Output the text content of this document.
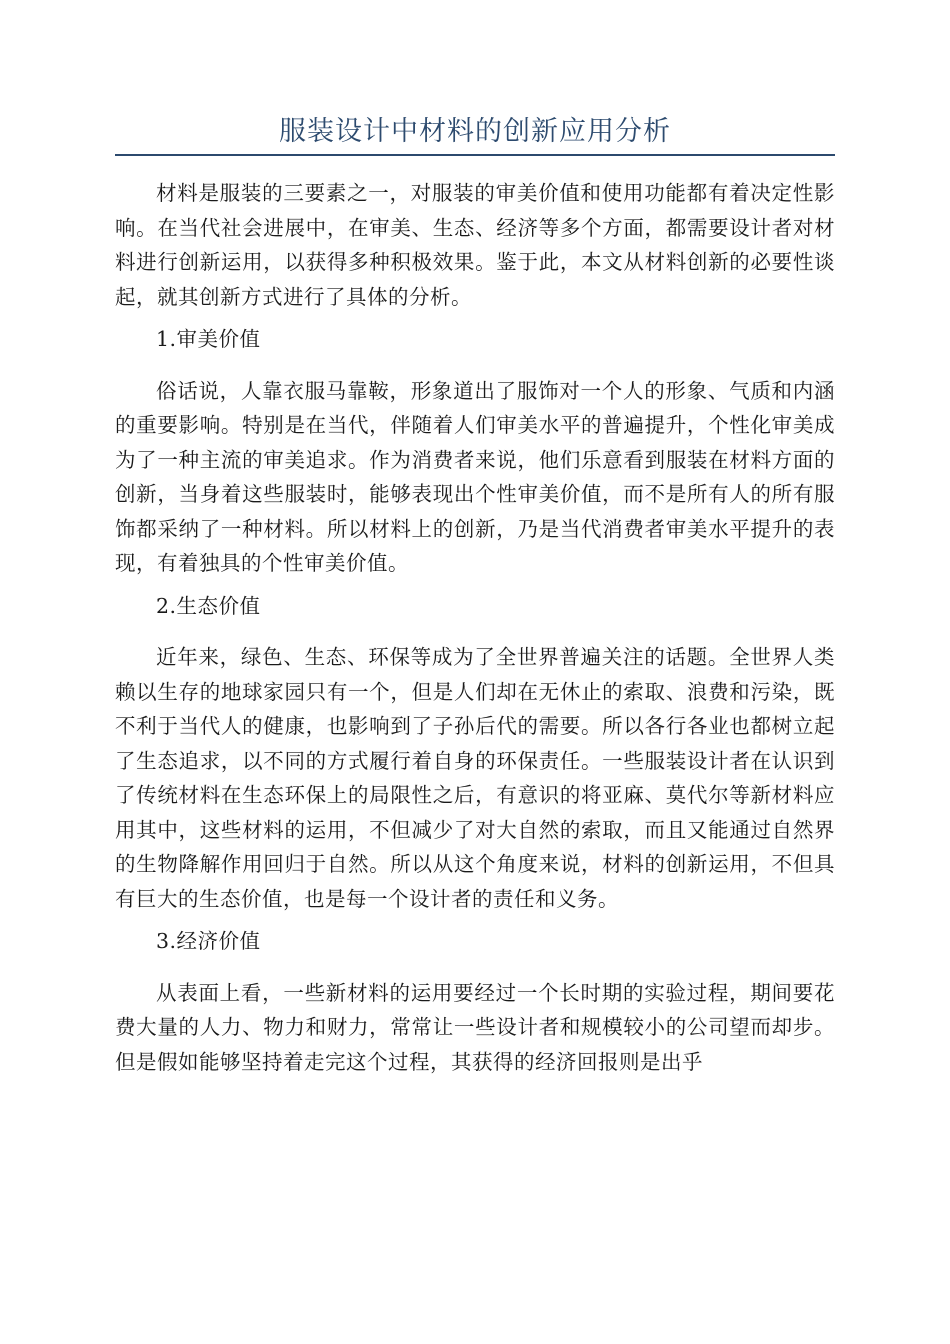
服装设计中材料的创新应用分析

材料是服装的三要素之一，对服装的审美价值和使用功能都有着决定性影响。在当代社会进展中，在审美、生态、经济等多个方面，都需要设计者对材料进行创新运用，以获得多种积极效果。鉴于此，本文从材料创新的必要性谈起，就其创新方式进行了具体的分析。

1.审美价值

俗话说，人靠衣服马靠鞍，形象道出了服饰对一个人的形象、气质和内涵的重要影响。特别是在当代，伴随着人们审美水平的普遍提升，个性化审美成为了一种主流的审美追求。作为消费者来说，他们乐意看到服装在材料方面的创新，当身着这些服装时，能够表现出个性审美价值，而不是所有人的所有服饰都采纳了一种材料。所以材料上的创新，乃是当代消费者审美水平提升的表现，有着独具的个性审美价值。

2.生态价值

近年来，绿色、生态、环保等成为了全世界普遍关注的话题。全世界人类赖以生存的地球家园只有一个，但是人们却在无休止的索取、浪费和污染，既不利于当代人的健康，也影响到了子孙后代的需要。所以各行各业也都树立起了生态追求，以不同的方式履行着自身的环保责任。一些服装设计者在认识到了传统材料在生态环保上的局限性之后，有意识的将亚麻、莫代尔等新材料应用其中，这些材料的运用，不但减少了对大自然的索取，而且又能通过自然界的生物降解作用回归于自然。所以从这个角度来说，材料的创新运用，不但具有巨大的生态价值，也是每一个设计者的责任和义务。

3.经济价值

从表面上看，一些新材料的运用要经过一个长时期的实验过程，期间要花费大量的人力、物力和财力，常常让一些设计者和规模较小的公司望而却步。但是假如能够坚持着走完这个过程，其获得的经济回报则是出乎
